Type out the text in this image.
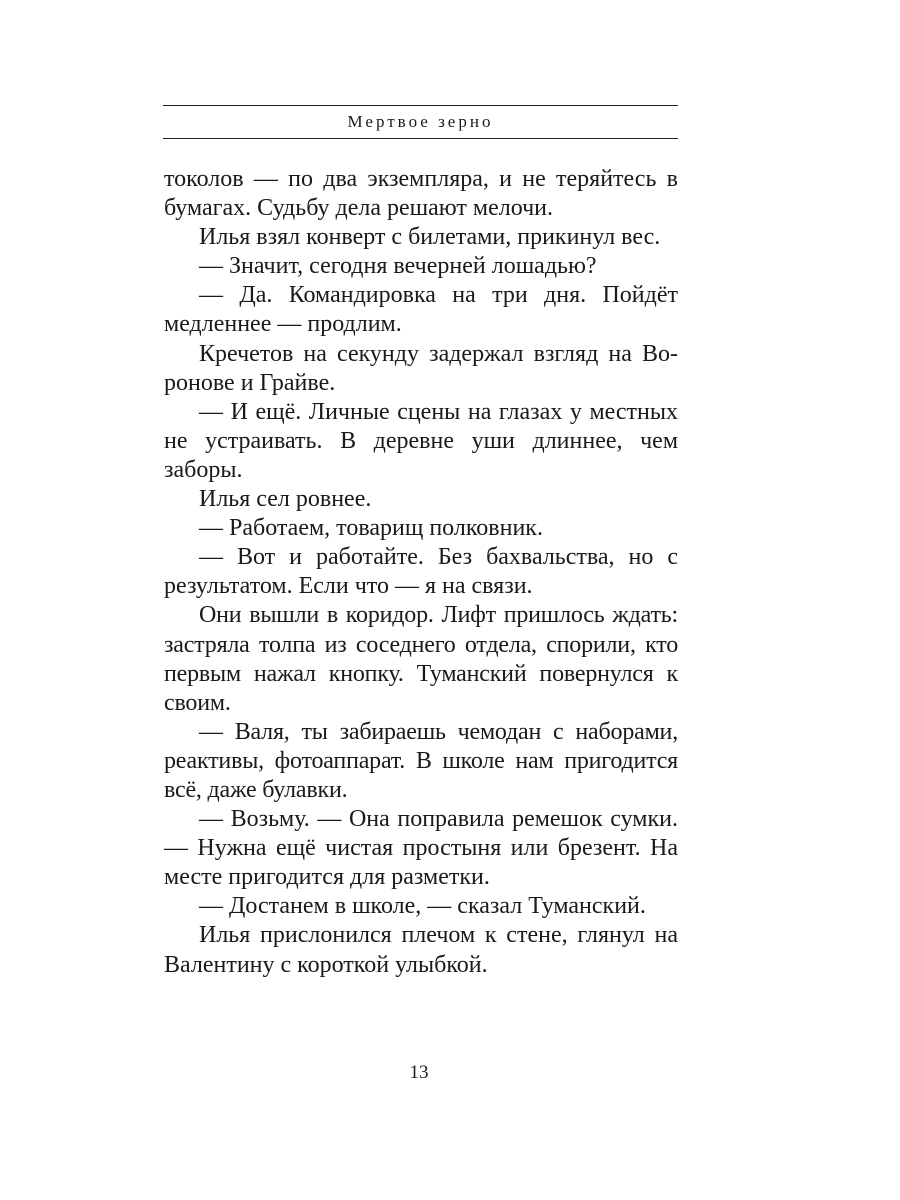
Мертвое зерно

токолов — по два экземпляра, и не теряйтесь в бумагах. Судьбу дела решают мелочи.

Илья взял конверт с билетами, прикинул вес.

— Значит, сегодня вечерней лошадью?

— Да. Командировка на три дня. Пойдёт медленнее — продлим.

Кречетов на секунду задержал взгляд на Воронове и Грайве.

— И ещё. Личные сцены на глазах у местных не устраивать. В деревне уши длиннее, чем заборы.

Илья сел ровнее.

— Работаем, товарищ полковник.

— Вот и работайте. Без бахвальства, но с результатом. Если что — я на связи.

Они вышли в коридор. Лифт пришлось ждать: застряла толпа из соседнего отдела, спорили, кто первым нажал кнопку. Туманский повернулся к своим.

— Валя, ты забираешь чемодан с наборами, реактивы, фотоаппарат. В школе нам пригодится всё, даже булавки.

— Возьму. — Она поправила ремешок сумки. — Нужна ещё чистая простыня или брезент. На месте пригодится для разметки.

— Достанем в школе, — сказал Туманский.

Илья прислонился плечом к стене, глянул на Валентину с короткой улыбкой.

13
